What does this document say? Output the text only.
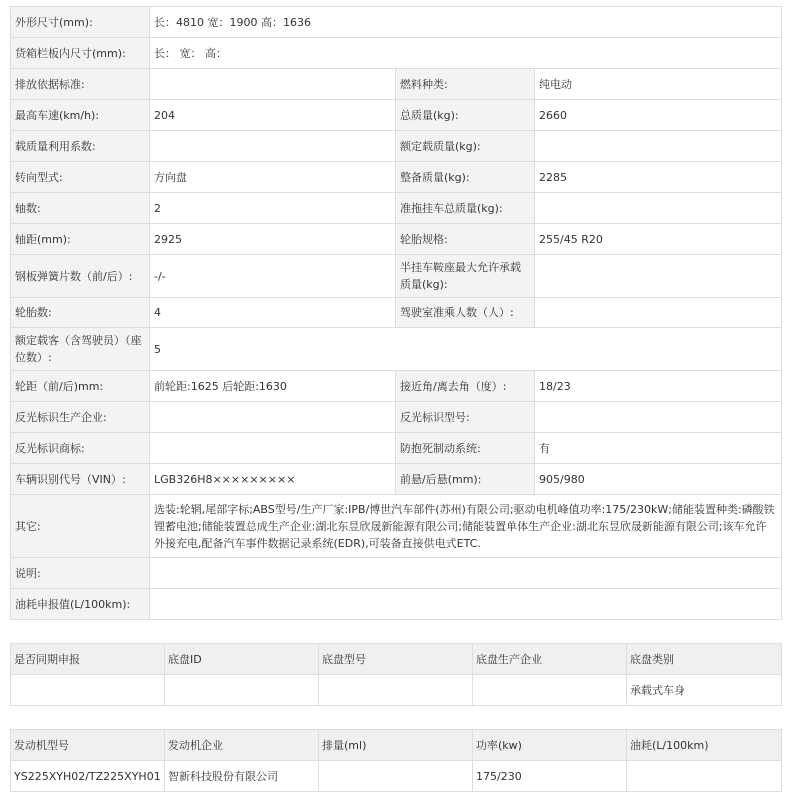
外形尺寸(mm):	长：4810 宽：1900 高：1636		
货箱栏板内尺寸(mm):	长： 宽： 高：		
排放依据标准:		燃料种类:	纯电动
最高车速(km/h):	204	总质量(kg):	2660
载质量利用系数:		额定载质量(kg):	
转向型式:	方向盘	整备质量(kg):	2285
轴数:	2	准拖挂车总质量(kg):	
轴距(mm):	2925	轮胎规格:	255/45 R20
钢板弹簧片数（前/后）:	-/-	半挂车鞍座最大允许承载质量(kg):	
轮胎数:	4	驾驶室准乘人数（人）:	
额定载客（含驾驶员）（座位数）:	5		
轮距（前/后)mm:	前轮距:1625 后轮距:1630	接近角/离去角（度）:	18/23
反光标识生产企业:		反光标识型号:	
反光标识商标:		防抱死制动系统:	有
车辆识别代号（VIN）:	LGB326H8×××××××××	前悬/后悬(mm):	905/980
其它:	选装:轮辋,尾部字标;ABS型号/生产厂家:IPB/博世汽车部件(苏州)有限公司;驱动电机峰值功率:175/230kW;储能装置种类:磷酸铁锂蓄电池;储能装置总成生产企业:湖北东昱欣晟新能源有限公司;储能装置单体生产企业:湖北东昱欣晟新能源有限公司;该车允许外接充电,配备汽车事件数据记录系统(EDR),可装备直接供电式ETC.		
说明:			
油耗申报值(L/100km):			
是否同期申报	底盘ID	底盘型号	底盘生产企业	底盘类别
				承载式车身
发动机型号	发动机企业	排量(ml)	功率(kw)	油耗(L/100km)
YS225XYH02/TZ225XYH01	智新科技股份有限公司		175/230	
